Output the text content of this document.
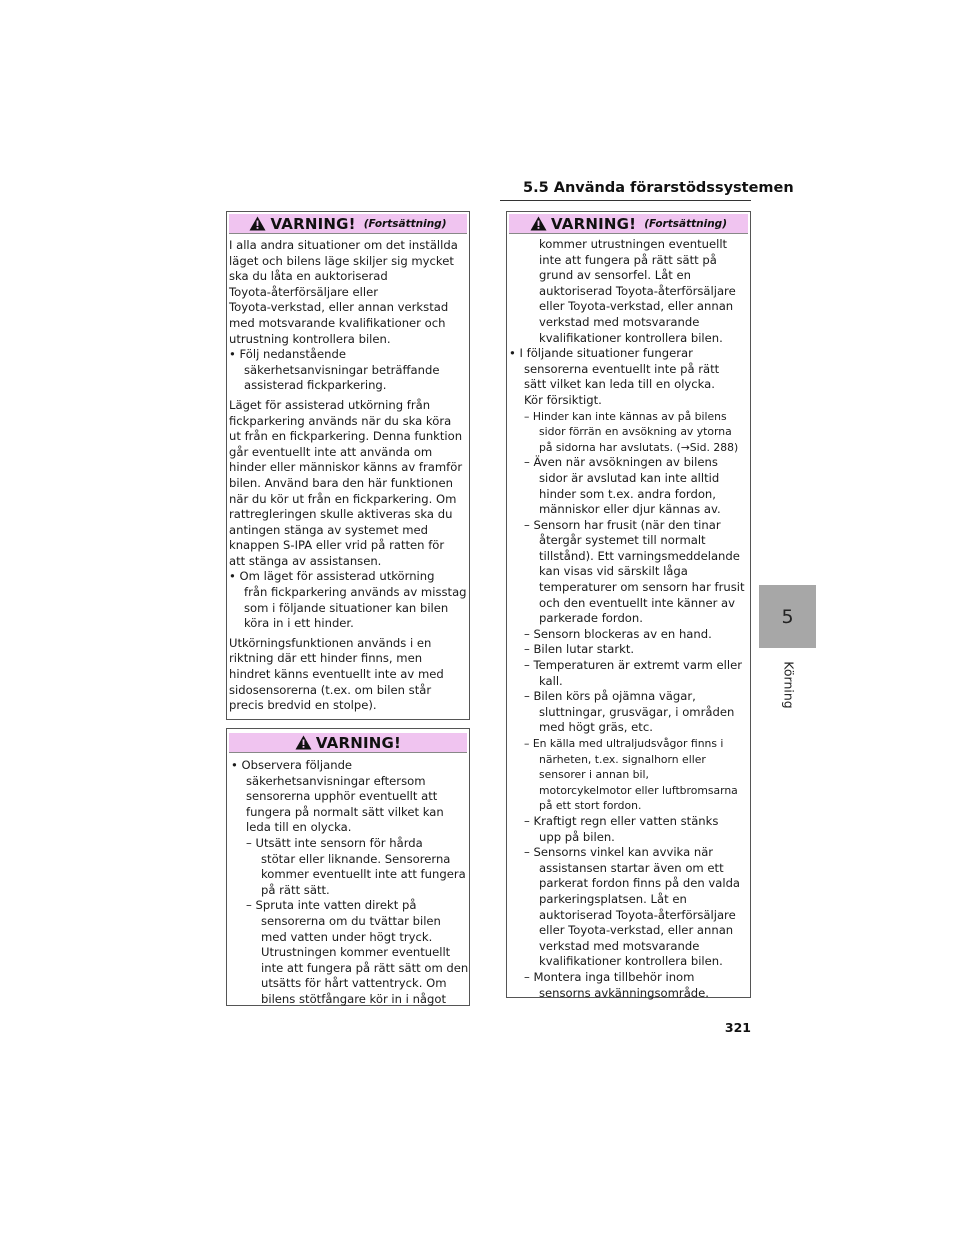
5.5 Använda förarstödssystemen
VARNING! (Fortsättning)

I alla andra situationer om det inställda

läget och bilens läge skiljer sig mycket

ska du låta en auktoriserad

Toyota-återförsäljare eller

Toyota-verkstad, eller annan verkstad

med motsvarande kvalifikationer och

utrustning kontrollera bilen.

• Följ nedanstående

säkerhetsanvisningar beträffande

assisterad fickparkering.

Läget för assisterad utkörning från

fickparkering används när du ska köra

ut från en fickparkering. Denna funktion

går eventuellt inte att använda om

hinder eller människor känns av framför

bilen. Använd bara den här funktionen

när du kör ut från en fickparkering. Om

rattregleringen skulle aktiveras ska du

antingen stänga av systemet med

knappen S-IPA eller vrid på ratten för

att stänga av assistansen.

• Om läget för assisterad utkörning

från fickparkering används av misstag

som i följande situationer kan bilen

köra in i ett hinder.

Utkörningsfunktionen används i en

riktning där ett hinder finns, men

hindret känns eventuellt inte av med

sidosensorerna (t.ex. om bilen står

precis bredvid en stolpe).

VARNING!

• Observera följande

säkerhetsanvisningar eftersom

sensorerna upphör eventuellt att

fungera på normalt sätt vilket kan

leda till en olycka.

– Utsätt inte sensorn för hårda

stötar eller liknande. Sensorerna

kommer eventuellt inte att fungera

på rätt sätt.

– Spruta inte vatten direkt på

sensorerna om du tvättar bilen

med vatten under högt tryck.

Utrustningen kommer eventuellt

inte att fungera på rätt sätt om den

utsätts för hårt vattentryck. Om

bilens stötfångare kör in i något

VARNING! (Fortsättning)

kommer utrustningen eventuellt

inte att fungera på rätt sätt på

grund av sensorfel. Låt en

auktoriserad Toyota-återförsäljare

eller Toyota-verkstad, eller annan

verkstad med motsvarande

kvalifikationer kontrollera bilen.

• I följande situationer fungerar

sensorerna eventuellt inte på rätt

sätt vilket kan leda till en olycka.

Kör försiktigt.

– Hinder kan inte kännas av på bilens

sidor förrän en avsökning av ytorna

på sidorna har avslutats. (→Sid. 288)

– Även när avsökningen av bilens

sidor är avslutad kan inte alltid

hinder som t.ex. andra fordon,

människor eller djur kännas av.

– Sensorn har frusit (när den tinar

återgår systemet till normalt

tillstånd). Ett varningsmeddelande

kan visas vid särskilt låga

temperaturer om sensorn har frusit

och den eventuellt inte känner av

parkerade fordon.

– Sensorn blockeras av en hand.

– Bilen lutar starkt.

– Temperaturen är extremt varm eller

kall.

– Bilen körs på ojämna vägar,

sluttningar, grusvägar, i områden

med högt gräs, etc.

– En källa med ultraljudsvågor finns i

närheten, t.ex. signalhorn eller

sensorer i annan bil,

motorcykelmotor eller luftbromsarna

på ett stort fordon.

– Kraftigt regn eller vatten stänks

upp på bilen.

– Sensorns vinkel kan avvika när

assistansen startar även om ett

parkerat fordon finns på den valda

parkeringsplatsen. Låt en

auktoriserad Toyota-återförsäljare

eller Toyota-verkstad, eller annan

verkstad med motsvarande

kvalifikationer kontrollera bilen.

– Montera inga tillbehör inom

sensorns avkänningsområde.

5
Körning
321
